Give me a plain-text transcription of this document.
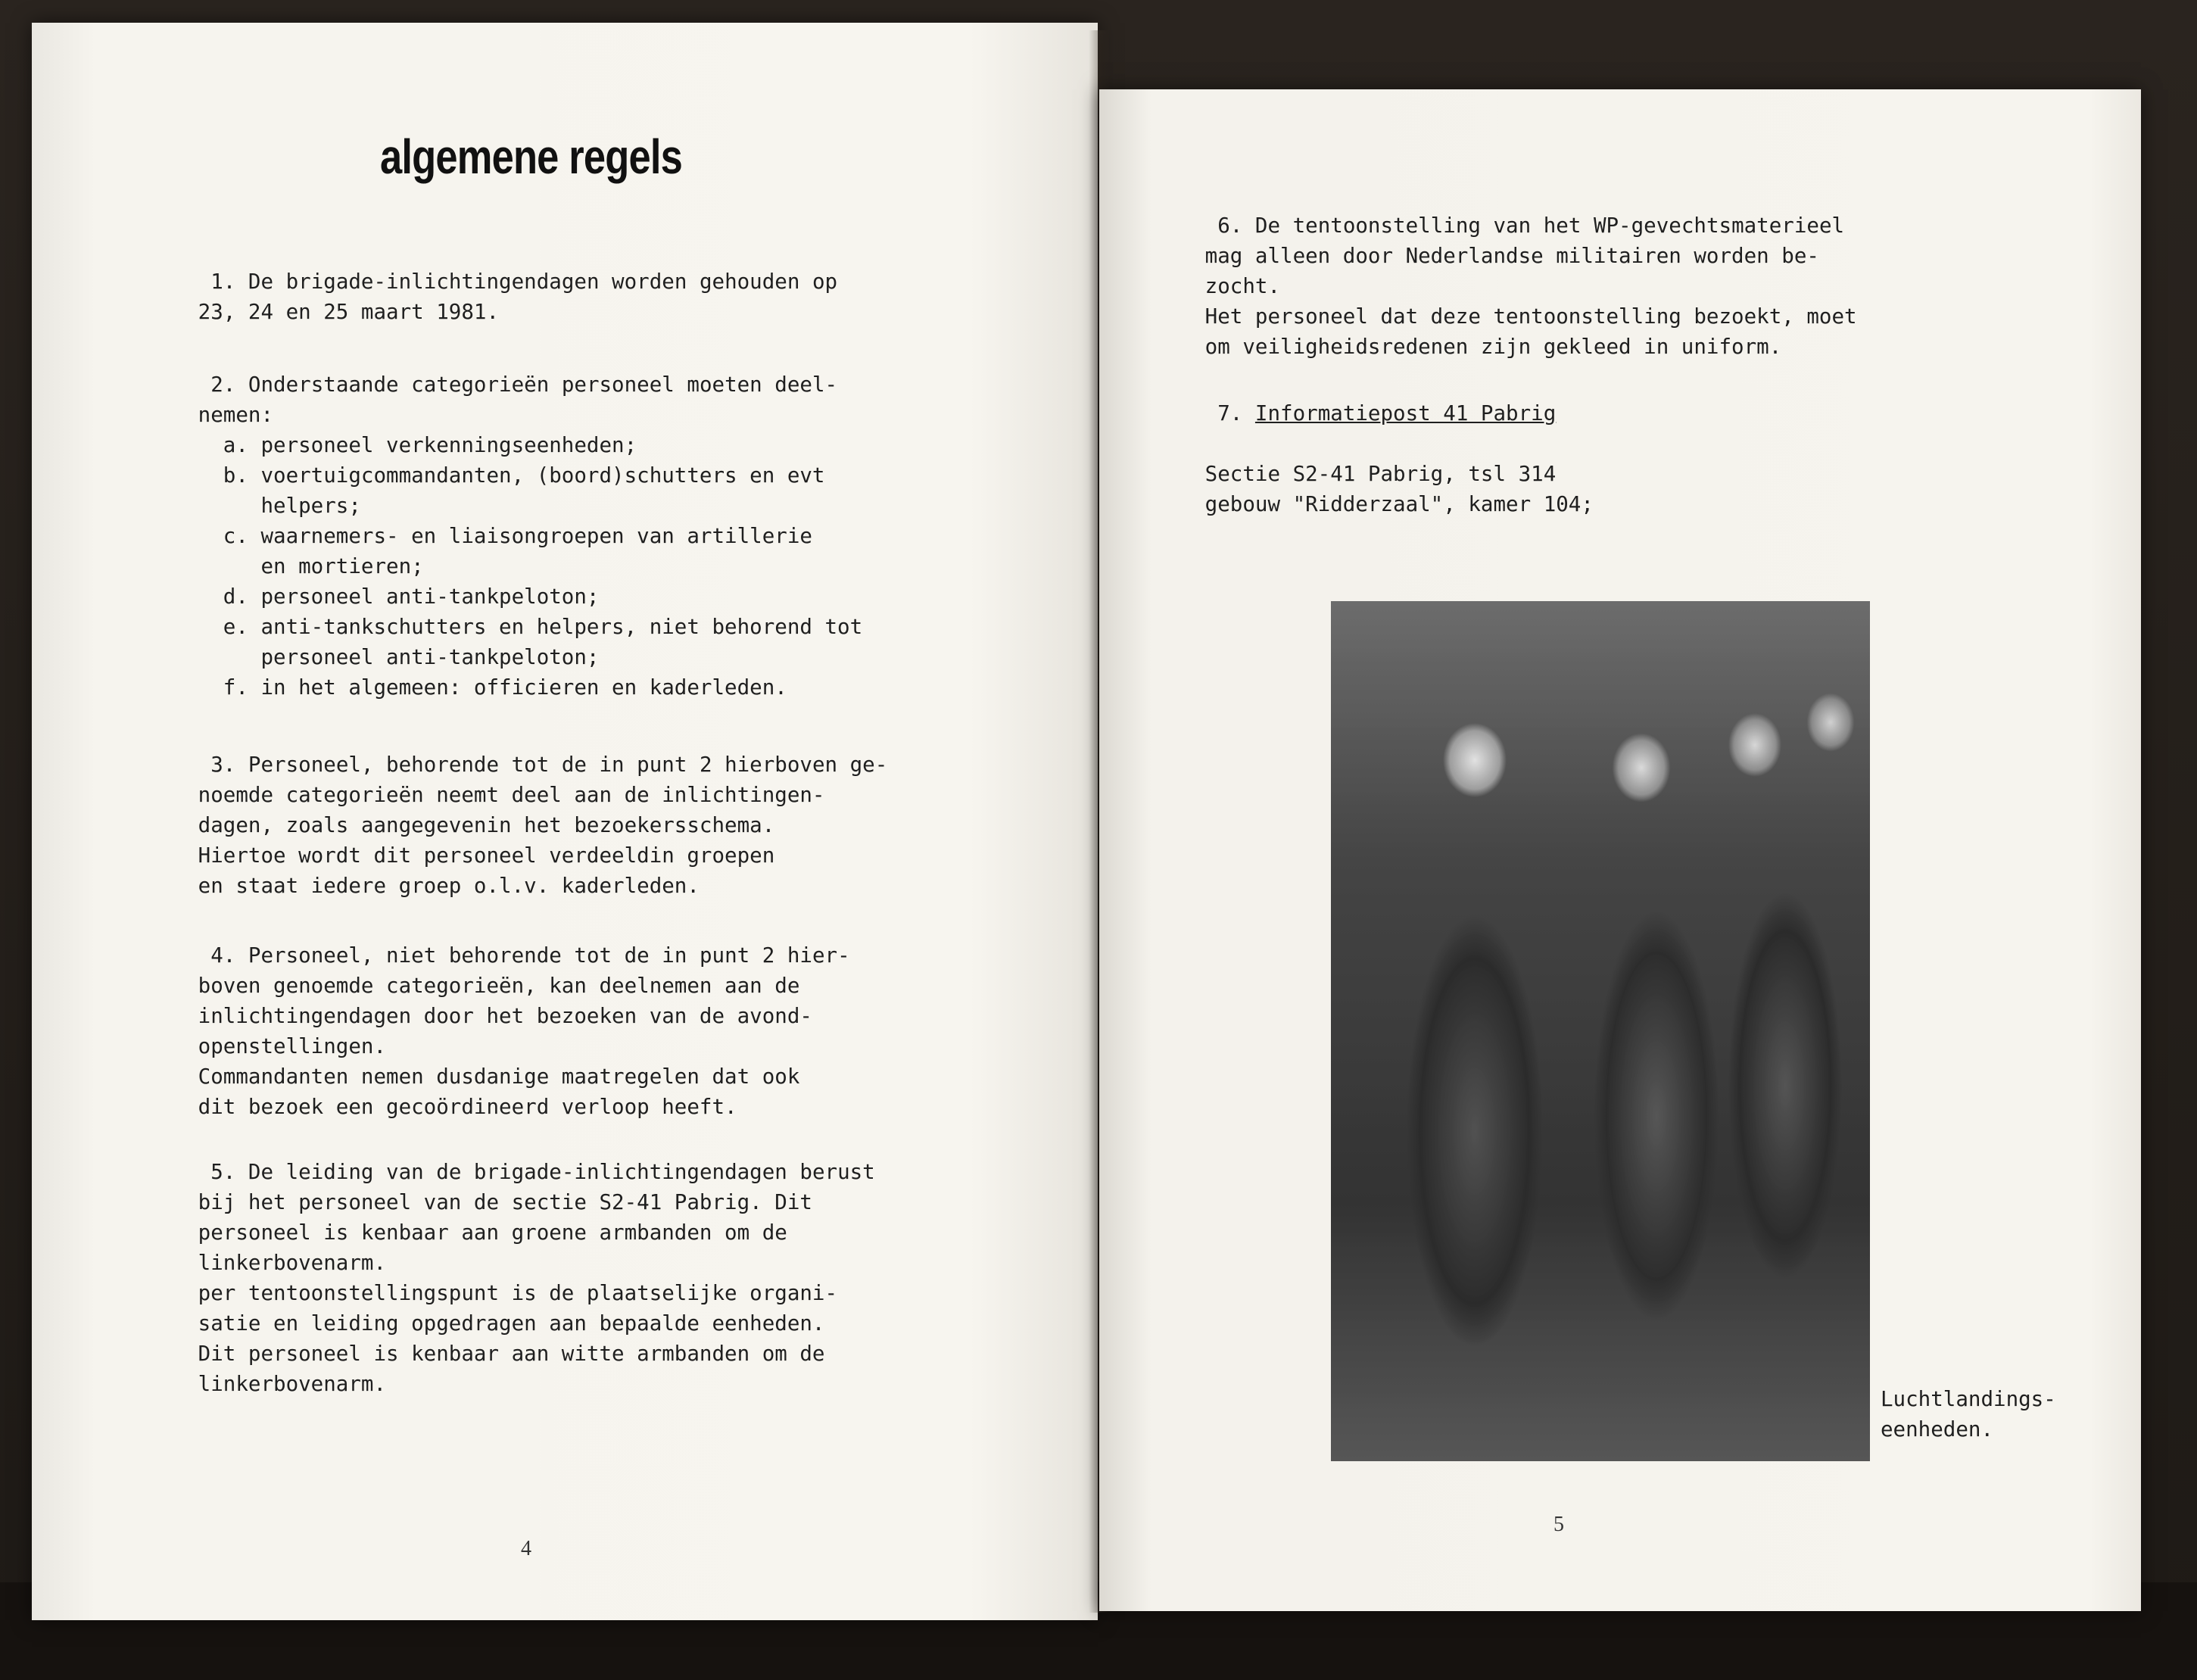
algemene regels

1. De brigade-inlichtingendagen worden gehouden op
23, 24 en 25 maart 1981.

2. Onderstaande categorieën personeel moeten deel-
nemen:
a. personeel verkenningseenheden;
b. voertuigcommandanten, (boord)schutters en evt
helpers;
c. waarnemers- en liaisongroepen van artillerie
en mortieren;
d. personeel anti-tankpeloton;
e. anti-tankschutters en helpers, niet behorend tot
personeel anti-tankpeloton;
f. in het algemeen: officieren en kaderleden.

3. Personeel, behorende tot de in punt 2 hierboven ge-
noemde categorieën neemt deel aan de inlichtingen-
dagen, zoals aangegevenin het bezoekersschema.
Hiertoe wordt dit personeel verdeeldin groepen
en staat iedere groep o.l.v. kaderleden.

4. Personeel, niet behorende tot de in punt 2 hier-
boven genoemde categorieën, kan deelnemen aan de
inlichtingendagen door het bezoeken van de avond-
openstellingen.
Commandanten nemen dusdanige maatregelen dat ook
dit bezoek een gecoördineerd verloop heeft.

5. De leiding van de brigade-inlichtingendagen berust
bij het personeel van de sectie S2-41 Pabrig. Dit
personeel is kenbaar aan groene armbanden om de
linkerbovenarm.
per tentoonstellingspunt is de plaatselijke organi-
satie en leiding opgedragen aan bepaalde eenheden.
Dit personeel is kenbaar aan witte armbanden om de
linkerbovenarm.

4

6. De tentoonstelling van het WP-gevechtsmaterieel
mag alleen door Nederlandse militairen worden be-
zocht.
Het personeel dat deze tentoonstelling bezoekt, moet
om veiligheidsredenen zijn gekleed in uniform.

7. Informatiepost 41 Pabrig

Sectie S2-41 Pabrig, tsl 314
gebouw "Ridderzaal", kamer 104;

Luchtlandings-
eenheden.
5
